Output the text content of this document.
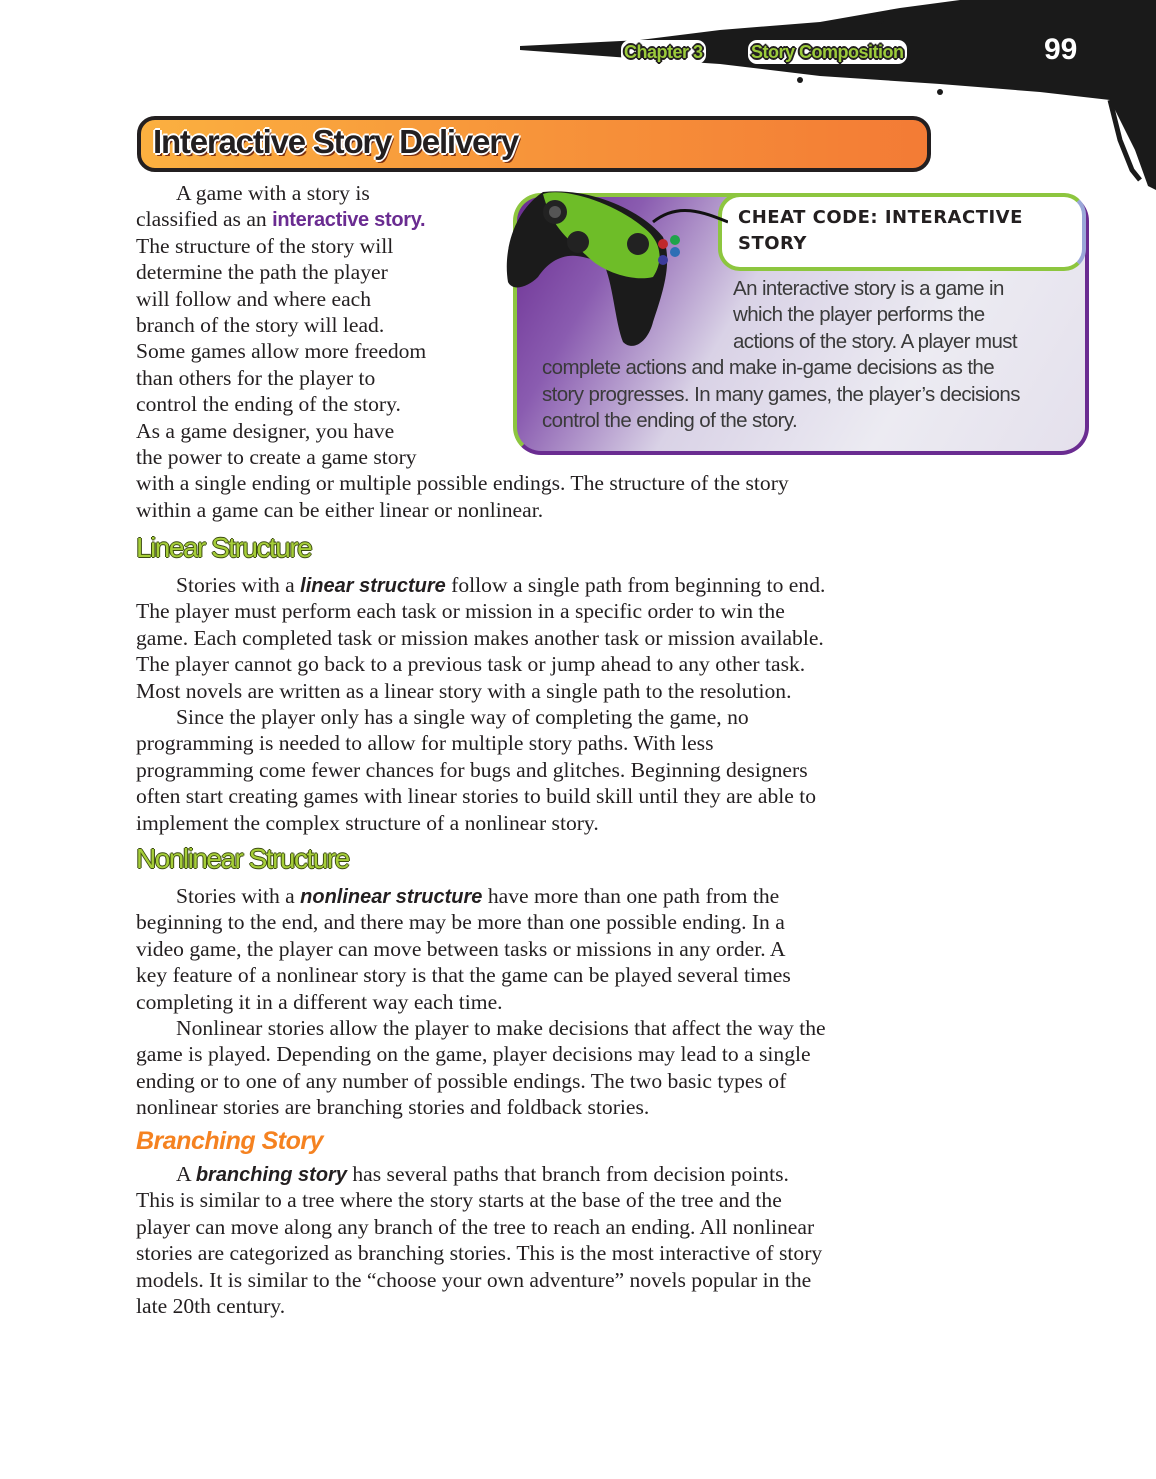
Chapter 3	Story Composition	99
Interactive Story Delivery
CHEAT CODE: INTERACTIVE
STORY
An interactive story is a game in
which the player performs the
actions of the story. A player must
complete actions and make in-game decisions as the
story progresses. In many games, the player’s decisions
control the ending of the story.
A game with a story is
classified as an interactive story.
The structure of the story will
determine the path the player
will follow and where each
branch of the story will lead.
Some games allow more freedom
than others for the player to
control the ending of the story.
As a game designer, you have
the power to create a game story
with a single ending or multiple possible endings. The structure of the story
within a game can be either linear or nonlinear.
Linear Structure
Stories with a linear structure follow a single path from beginning to end.
The player must perform each task or mission in a specific order to win the
game. Each completed task or mission makes another task or mission available.
The player cannot go back to a previous task or jump ahead to any other task.
Most novels are written as a linear story with a single path to the resolution.
Since the player only has a single way of completing the game, no
programming is needed to allow for multiple story paths. With less
programming come fewer chances for bugs and glitches. Beginning designers
often start creating games with linear stories to build skill until they are able to
implement the complex structure of a nonlinear story.
Nonlinear Structure
Stories with a nonlinear structure have more than one path from the
beginning to the end, and there may be more than one possible ending. In a
video game, the player can move between tasks or missions in any order. A
key feature of a nonlinear story is that the game can be played several times
completing it in a different way each time.
Nonlinear stories allow the player to make decisions that affect the way the
game is played. Depending on the game, player decisions may lead to a single
ending or to one of any number of possible endings. The two basic types of
nonlinear stories are branching stories and foldback stories.
Branching Story
A branching story has several paths that branch from decision points.
This is similar to a tree where the story starts at the base of the tree and the
player can move along any branch of the tree to reach an ending. All nonlinear
stories are categorized as branching stories. This is the most interactive of story
models. It is similar to the “choose your own adventure” novels popular in the
late 20th century.
